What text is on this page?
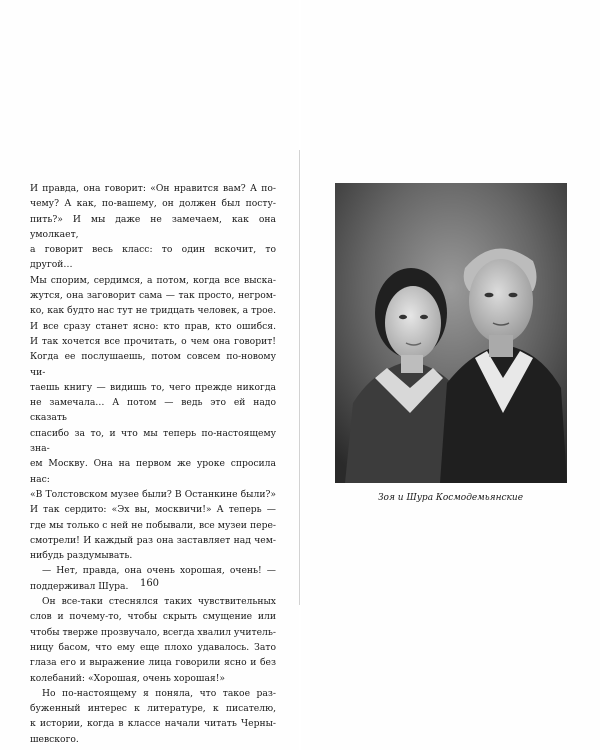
И правда, она говорит: «Он нравится вам? А по-
чему? А как, по-вашему, он должен был посту-
пить?» И мы даже не замечаем, как она умолкает,
а говорит весь класс: то один вскочит, то другой…
Мы спорим, сердимся, а потом, когда все выска-
жутся, она заговорит сама — так просто, негром-
ко, как будто нас тут не тридцать человек, а трое.
И все сразу станет ясно: кто прав, кто ошибся.
И так хочется все прочитать, о чем она говорит!
Когда ее послушаешь, потом совсем по-новому чи-
таешь книгу — видишь то, чего прежде никогда
не замечала… А потом — ведь это ей надо сказать
спасибо за то, и что мы теперь по-настоящему зна-
ем Москву. Она на первом же уроке спросила нас:
«В Толстовском музее были? В Останкине были?»
И так сердито: «Эх вы, москвичи!» А теперь —
где мы только с ней не побывали, все музеи пере-
смотрели! И каждый раз она заставляет над чем-
нибудь раздумывать.

— Нет, правда, она очень хорошая, очень! —
поддерживал Шура.

Он все-таки стеснялся таких чувствительных
слов и почему-то, чтобы скрыть смущение или
чтобы тверже прозвучало, всегда хвалил учитель-
ницу басом, что ему еще плохо удавалось. Зато
глаза его и выражение лица говорили ясно и без
колебаний: «Хорошая, очень хорошая!»

Но по-настоящему я поняла, что такое раз-
буженный интерес к литературе, к писателю,
к истории, когда в классе начали читать Черны-
шевского.

160
Зоя и Шура Космодемьянские
